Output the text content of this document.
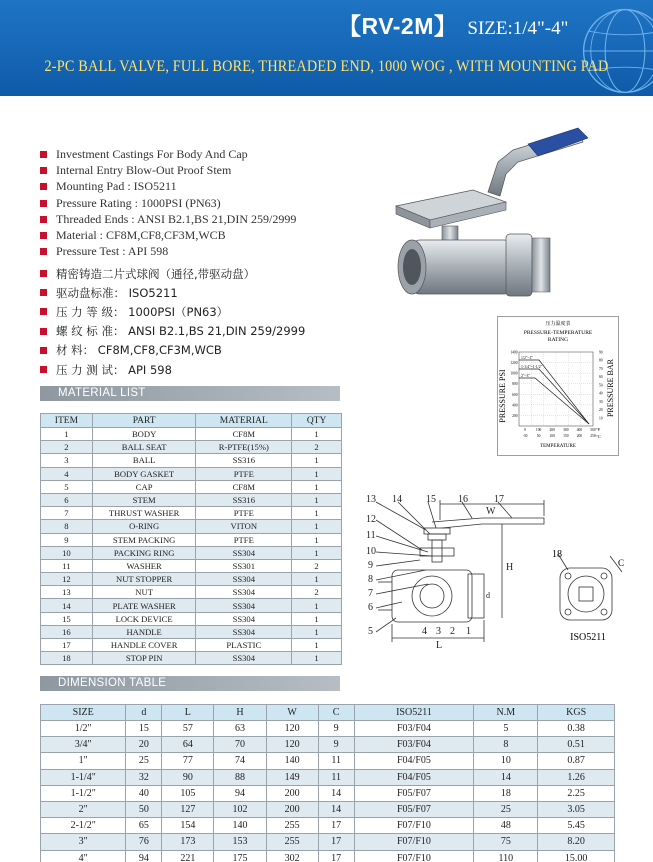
【RV-2M】 SIZE:1/4"-4"
2-PC BALL VALVE, FULL BORE, THREADED END, 1000 WOG , WITH MOUNTING PAD
Investment Castings For Body And Cap
Internal Entry Blow-Out Proof Stem
Mounting Pad : ISO5211
Pressure Rating : 1000PSI (PN63)
Threaded Ends : ANSI B2.1,BS 21,DIN 259/2999
Material : CF8M,CF8,CF3M,WCB
Pressure Test : API 598
精密铸造二片式球阀（通径,带驱动盘）
驱动盘标准： ISO5211
压 力 等 级： 1000PSI（PN63）
螺 纹 标 准： ANSI B2.1,BS 21,DIN 259/2999
材 料： CF8M,CF8,CF3M,WCB
压 力 测 试： API 598
压力温度表
PRESSURE-TEMPERATURE
RATING
PRESSURE PSI	PRESSURE BAR
1400
1200
1000
800
600
400
200
90
80
70
60
50
40
30
20
10
0	100 200 300 400 500
-30	50	100 150 200 250
1/2"~1"
1-1/4"~1-1/2"
2"~3"
°F
°C
TEMPERATURE
MATERIAL LIST
ITEM	PART	MATERIAL	QTY
1	BODY	CF8M	1
2	BALL SEAT	R-PTFE(15%)	2
3	BALL	SS316	1
4	BODY GASKET	PTFE	1
5	CAP	CF8M	1
6	STEM	SS316	1
7	THRUST WASHER	PTFE	1
8	O-RING	VITON	1
9	STEM PACKING	PTFE	1
10	PACKING RING	SS304	1
11	WASHER	SS301	2
12	NUT STOPPER	SS304	1
13	NUT	SS304	2
14	PLATE WASHER	SS304	1
15	LOCK DEVICE	SS304	1
16	HANDLE	SS304	1
17	HANDLE COVER	PLASTIC	1
18	STOP PIN	SS304	1
13 14 15 16	17
12
11
10
9
8
7
6
5	4 3 2 1
W
H
L
d
18
C
ISO5211
DIMENSION TABLE
SIZE	d	L	H	W	C	ISO5211	N.M	KGS
1/2"	15	57	63	120	9	F03/F04	5	0.38
3/4"	20	64	70	120	9	F03/F04	8	0.51
1"	25	77	74	140	11	F04/F05	10	0.87
1-1/4"	32	90	88	149	11	F04/F05	14	1.26
1-1/2"	40	105	94	200	14	F05/F07	18	2.25
2"	50	127	102	200	14	F05/F07	25	3.05
2-1/2"	65	154	140	255	17	F07/F10	48	5.45
3"	76	173	153	255	17	F07/F10	75	8.20
4"	94	221	175	302	17	F07/F10	110	15.00
